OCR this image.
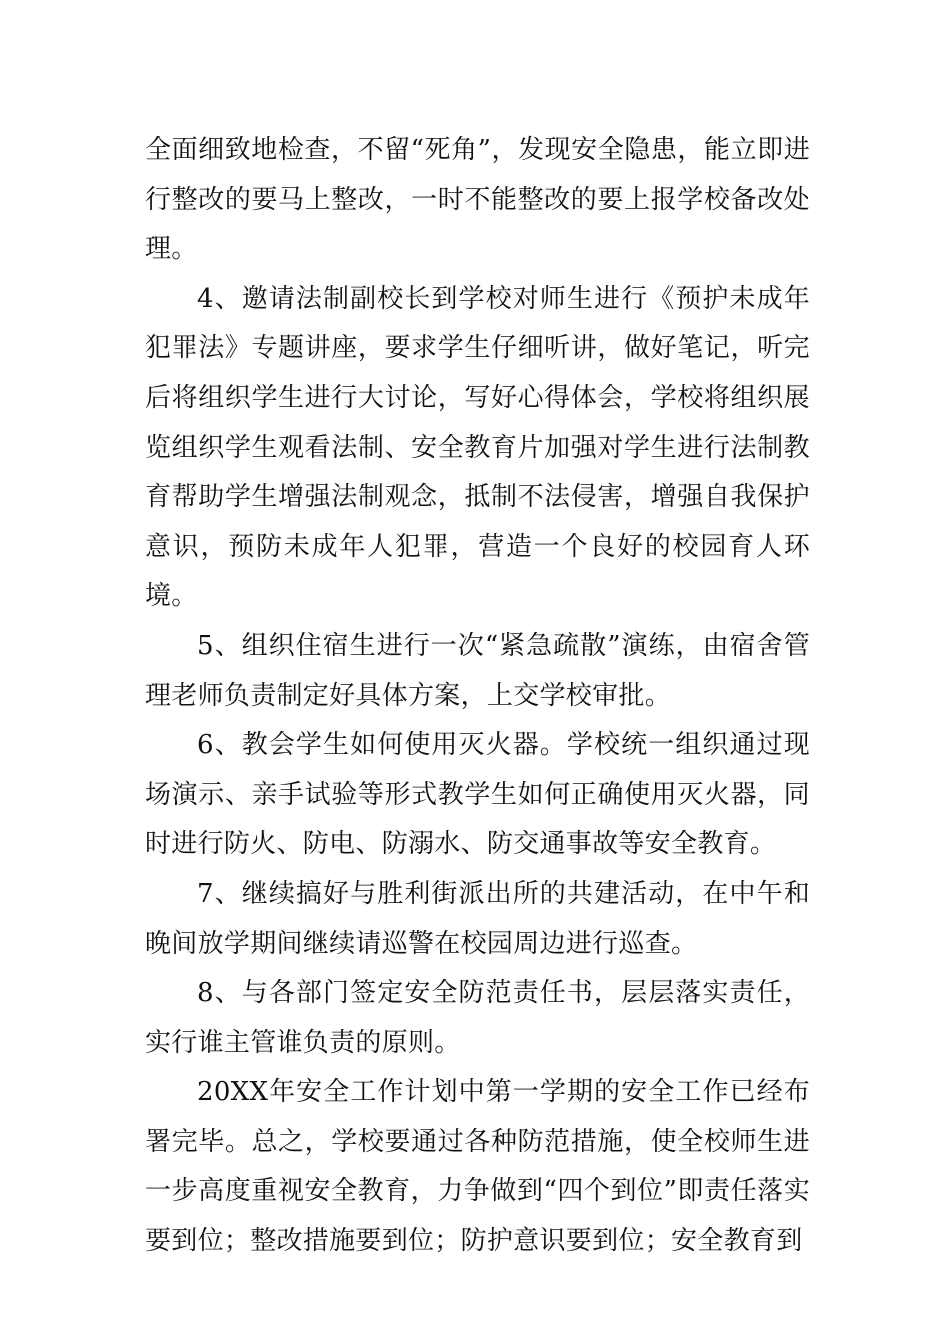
全面细致地检查，不留“死角”，发现安全隐患，能立即进行整改的要马上整改，一时不能整改的要上报学校备改处理。

4、邀请法制副校长到学校对师生进行《预护未成年犯罪法》专题讲座，要求学生仔细听讲，做好笔记，听完后将组织学生进行大讨论，写好心得体会，学校将组织展览组织学生观看法制、安全教育片加强对学生进行法制教育帮助学生增强法制观念，抵制不法侵害，增强自我保护意识，预防未成年人犯罪，营造一个良好的校园育人环境。

5、组织住宿生进行一次“紧急疏散”演练，由宿舍管理老师负责制定好具体方案，上交学校审批。

6、教会学生如何使用灭火器。学校统一组织通过现场演示、亲手试验等形式教学生如何正确使用灭火器，同时进行防火、防电、防溺水、防交通事故等安全教育。

7、继续搞好与胜利街派出所的共建活动，在中午和晚间放学期间继续请巡警在校园周边进行巡查。

8、与各部门签定安全防范责任书，层层落实责任，实行谁主管谁负责的原则。

20XX年安全工作计划中第一学期的安全工作已经布署完毕。总之，学校要通过各种防范措施，使全校师生进一步高度重视安全教育，力争做到“四个到位”即责任落实要到位；整改措施要到位；防护意识要到位；安全教育到
